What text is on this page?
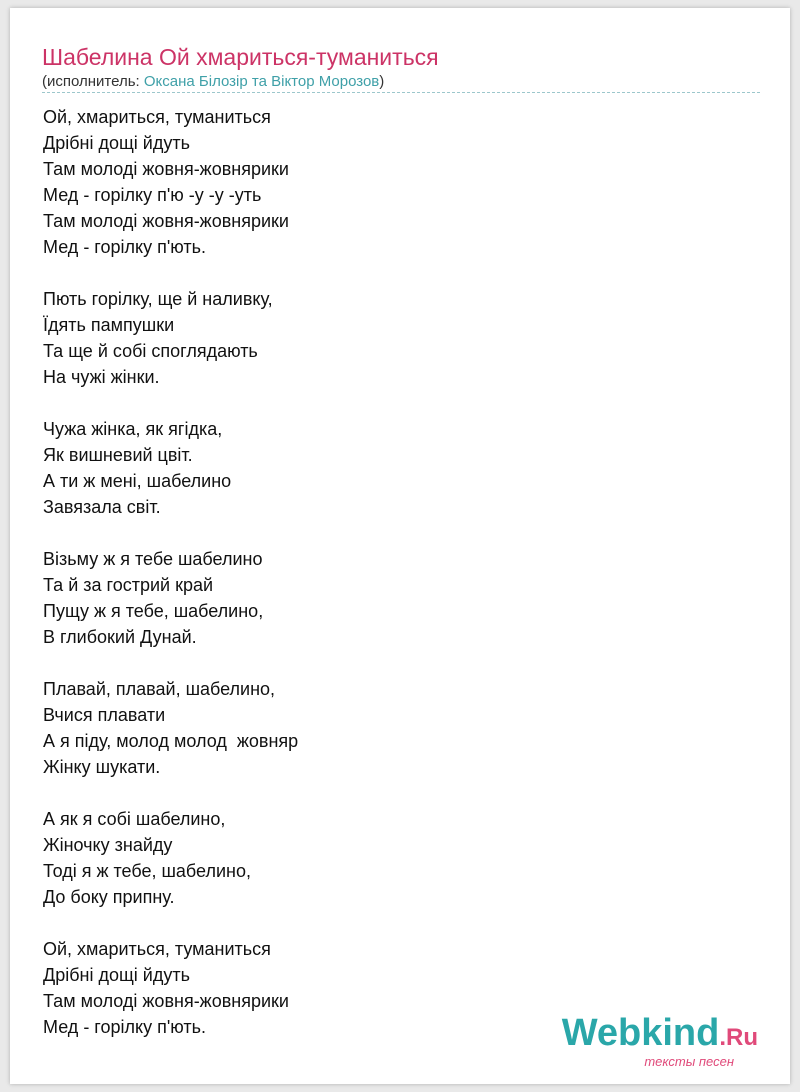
Шабелина Ой хмариться-туманиться
(исполнитель: Оксана Білозір та Віктор Морозов)
Ой, хмариться, туманиться
Дрібні дощі йдуть
Там молоді жовня-жовнярики
Мед - горілку п'ю -у -у -уть
Там молоді жовня-жовнярики
Мед - горілку п'ють.
Пють горілку, ще й наливку,
Їдять пампушки
Та ще й собі споглядають
На чужі жінки.
Чужа жінка, як ягідка,
Як вишневий цвіт.
А ти ж мені, шабелино
Завязала світ.
Візьму ж я тебе шабелино
Та й за гострий край
Пущу ж я тебе, шабелино,
В глибокий Дунай.
Плавай, плавай, шабелино,
Вчися плавати
А я піду, молод молод  жовняр
Жінку шукати.
А як я собі шабелино,
Жіночку знайду
Тоді я ж тебе, шабелино,
До боку припну.
Ой, хмариться, туманиться
Дрібні дощі йдуть
Там молоді жовня-жовнярики
Мед - горілку п'ють.	Webkind.Ru
тексты песен
